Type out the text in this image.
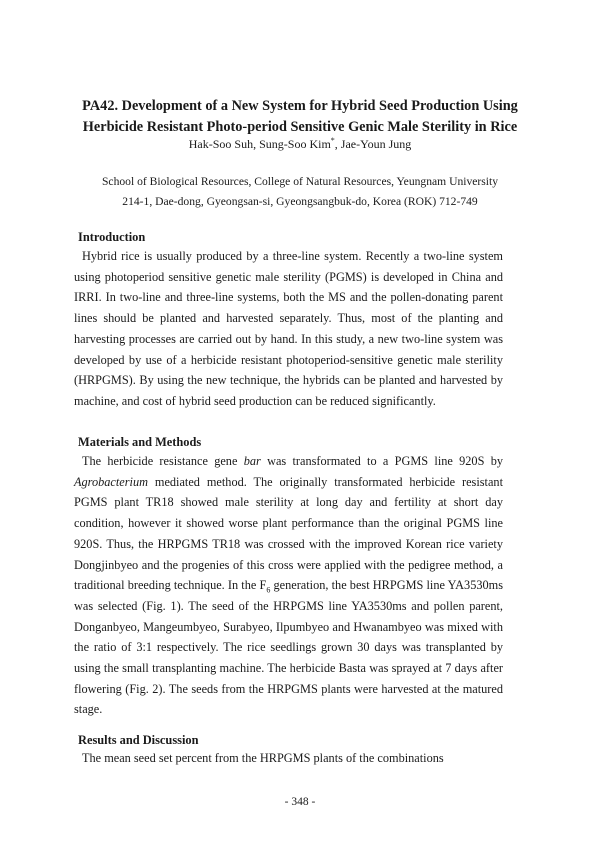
PA42. Development of a New System for Hybrid Seed Production Using
Herbicide Resistant Photo-period Sensitive Genic Male Sterility in Rice
Hak-Soo Suh, Sung-Soo Kim*, Jae-Youn Jung
School of Biological Resources, College of Natural Resources, Yeungnam University
214-1, Dae-dong, Gyeongsan-si, Gyeongsangbuk-do, Korea (ROK) 712-749
Introduction

Hybrid rice is usually produced by a three-line system. Recently a two-line system using photoperiod sensitive genetic male sterility (PGMS) is developed in China and IRRI. In two-line and three-line systems, both the MS and the pollen-donating parent lines should be planted and harvested separately. Thus, most of the planting and harvesting processes are carried out by hand. In this study, a new two-line system was developed by use of a herbicide resistant photoperiod-sensitive genetic male sterility (HRPGMS). By using the new technique, the hybrids can be planted and harvested by machine, and cost of hybrid seed production can be reduced significantly.

Materials and Methods

The herbicide resistance gene bar was transformated to a PGMS line 920S by Agrobacterium mediated method. The originally transformated herbicide resistant PGMS plant TR18 showed male sterility at long day and fertility at short day condition, however it showed worse plant performance than the original PGMS line 920S. Thus, the HRPGMS TR18 was crossed with the improved Korean rice variety Dongjinbyeo and the progenies of this cross were applied with the pedigree method, a traditional breeding technique. In the $F_6$ generation, the best HRPGMS line YA3530ms was selected (Fig. 1). The seed of the HRPGMS line YA3530ms and pollen parent, Donganbyeo, Mangeumbyeo, Surabyeo, Ilpumbyeo and Hwanambyeo was mixed with the ratio of 3:1 respectively. The rice seedlings grown 30 days was transplanted by using the small transplanting machine. The herbicide Basta was sprayed at 7 days after flowering (Fig. 2). The seeds from the HRPGMS plants were harvested at the matured stage.

Results and Discussion

The mean seed set percent from the HRPGMS plants of the combinations

- 348 -
